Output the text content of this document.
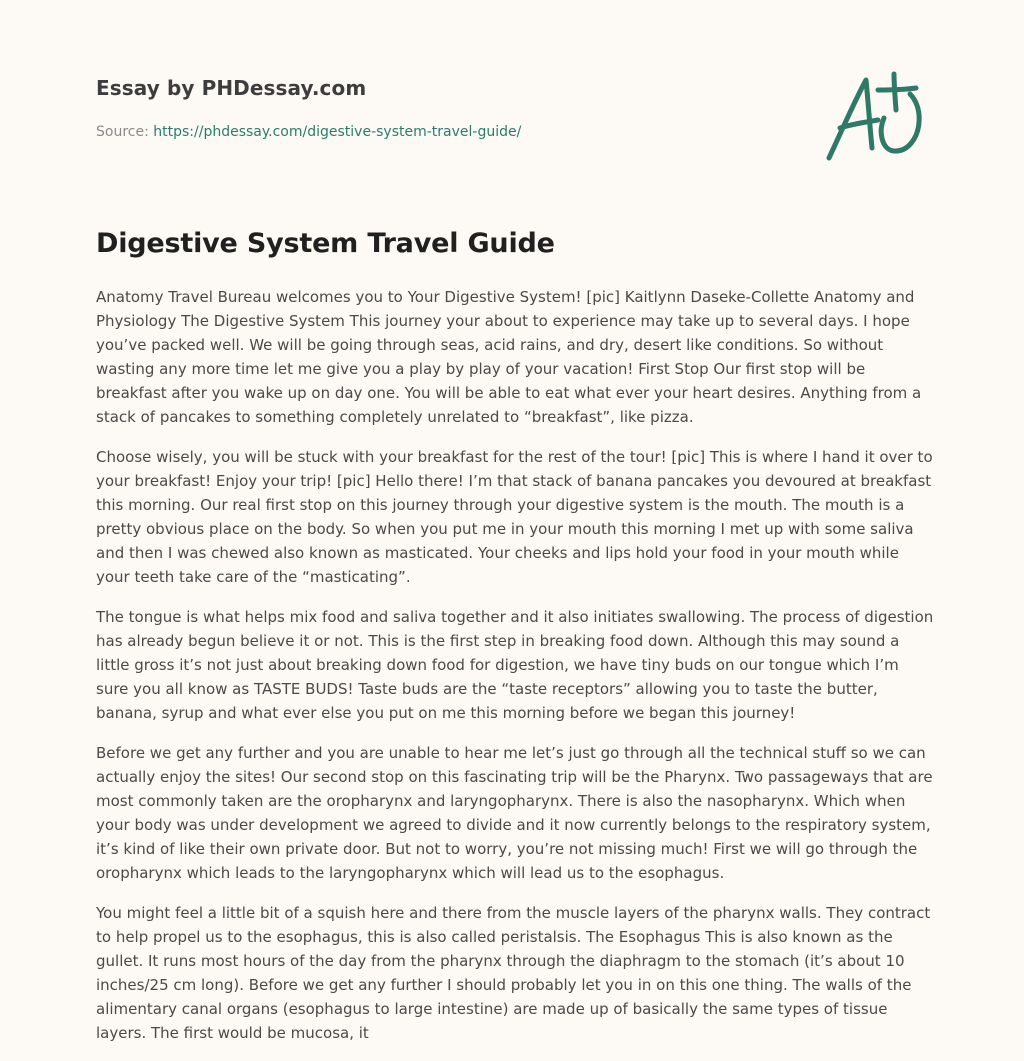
Essay by PHDessay.com
Source: https://phdessay.com/digestive-system-travel-guide/
Digestive System Travel Guide

Anatomy Travel Bureau welcomes you to Your Digestive System! [pic] Kaitlynn Daseke-Collette Anatomy and Physiology The Digestive System This journey your about to experience may take up to several days. I hope you’ve packed well. We will be going through seas, acid rains, and dry, desert like conditions. So without wasting any more time let me give you a play by play of your vacation! First Stop Our first stop will be breakfast after you wake up on day one. You will be able to eat what ever your heart desires. Anything from a stack of pancakes to something completely unrelated to “breakfast”, like pizza.

Choose wisely, you will be stuck with your breakfast for the rest of the tour! [pic] This is where I hand it over to your breakfast! Enjoy your trip! [pic] Hello there! I’m that stack of banana pancakes you devoured at breakfast this morning. Our real first stop on this journey through your digestive system is the mouth. The mouth is a pretty obvious place on the body. So when you put me in your mouth this morning I met up with some saliva and then I was chewed also known as masticated. Your cheeks and lips hold your food in your mouth while your teeth take care of the “masticating”.

The tongue is what helps mix food and saliva together and it also initiates swallowing. The process of digestion has already begun believe it or not. This is the first step in breaking food down. Although this may sound a little gross it’s not just about breaking down food for digestion, we have tiny buds on our tongue which I’m sure you all know as TASTE BUDS! Taste buds are the “taste receptors” allowing you to taste the butter, banana, syrup and what ever else you put on me this morning before we began this journey!

Before we get any further and you are unable to hear me let’s just go through all the technical stuff so we can actually enjoy the sites! Our second stop on this fascinating trip will be the Pharynx. Two passageways that are most commonly taken are the oropharynx and laryngopharynx. There is also the nasopharynx. Which when your body was under development we agreed to divide and it now currently belongs to the respiratory system, it’s kind of like their own private door. But not to worry, you’re not missing much! First we will go through the oropharynx which leads to the laryngopharynx which will lead us to the esophagus.

You might feel a little bit of a squish here and there from the muscle layers of the pharynx walls. They contract to help propel us to the esophagus, this is also called peristalsis. The Esophagus This is also known as the gullet. It runs most hours of the day from the pharynx through the diaphragm to the stomach (it’s about 10 inches/25 cm long). Before we get any further I should probably let you in on this one thing. The walls of the alimentary canal organs (esophagus to large intestine) are made up of basically the same types of tissue layers. The first would be mucosa, it
